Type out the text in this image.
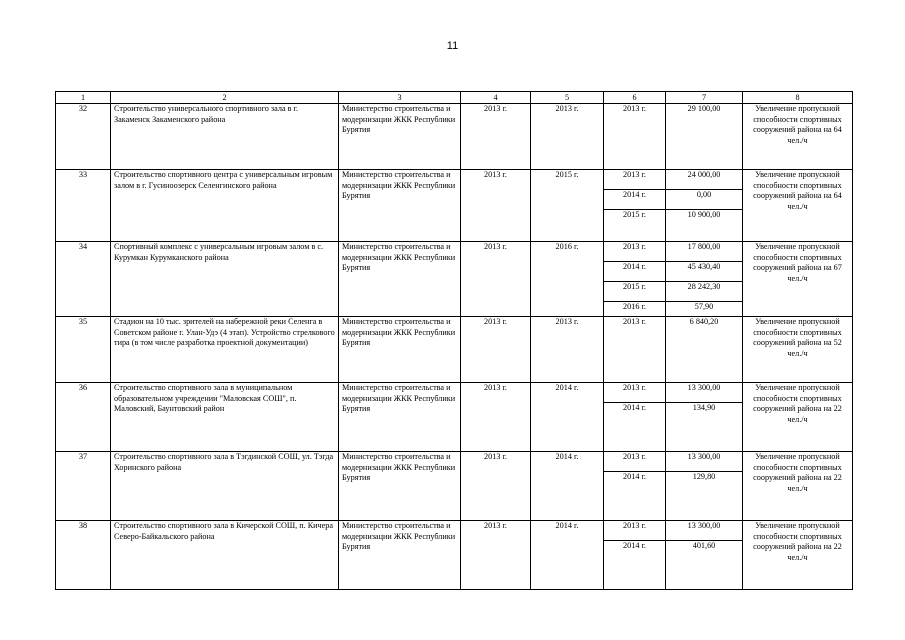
11
1	2	3	4	5	6	7	8
32	Строительство универсального спортивного зала в г. Закаменск Закаменского района	Министерство строительства и модернизации ЖКК Республики Бурятия	2013 г.	2013 г.	2013 г.	29 100,00	Увеличение пропускной способности спортивных сооружений района на 64 чел./ч
33	Строительство спортивного центра с универсальным игровым залом в г. Гусиноозерск Селенгинского района	Министерство строительства и модернизации ЖКК Республики Бурятия	2013 г.	2015 г.	2013 г.	24 000,00	Увеличение пропускной способности спортивных сооружений района на 64 чел./ч
					2014 г.	0,00	
					2015 г.	10 900,00	
34	Спортивный комплекс с универсальным игровым залом в с. Курумкан Курумканского района	Министерство строительства и модернизации ЖКК Республики Бурятия	2013 г.	2016 г.	2013 г.	17 800,00	Увеличение пропускной способности спортивных сооружений района на 67 чел./ч
					2014 г.	45 430,40	
					2015 г.	28 242,30	
					2016 г.	57,90	
35	Стадион на 10 тыс. зрителей на набережной реки Селенга в Советском районе г. Улан-Удэ (4 этап). Устройство стрелкового тира (в том числе разработка проектной документации)	Министерство строительства и модернизации ЖКК Республики Бурятия	2013 г.	2013 г.	2013 г.	6 840,20	Увеличение пропускной способности спортивных сооружений района на 52 чел./ч
36	Строительство спортивного зала в муниципальном образовательном учреждении "Маловская СОШ", п. Маловский, Баунтовский район	Министерство строительства и модернизации ЖКК Республики Бурятия	2013 г.	2014 г.	2013 г.	13 300,00	Увеличение пропускной способности спортивных сооружений района на 22 чел./ч
					2014 г.	134,90	
37	Строительство спортивного зала в Тэгдинской СОШ, ул. Тэгда Хоринского района	Министерство строительства и модернизации ЖКК Республики Бурятия	2013 г.	2014 г.	2013 г.	13 300,00	Увеличение пропускной способности спортивных сооружений района на 22 чел./ч
					2014 г.	129,80	
38	Строительство спортивного зала в Кичерской СОШ, п. Кичера Северо-Байкальского района	Министерство строительства и модернизации ЖКК Республики Бурятия	2013 г.	2014 г.	2013 г.	13 300,00	Увеличение пропускной способности спортивных сооружений района на 22 чел./ч
					2014 г.	401,60	
